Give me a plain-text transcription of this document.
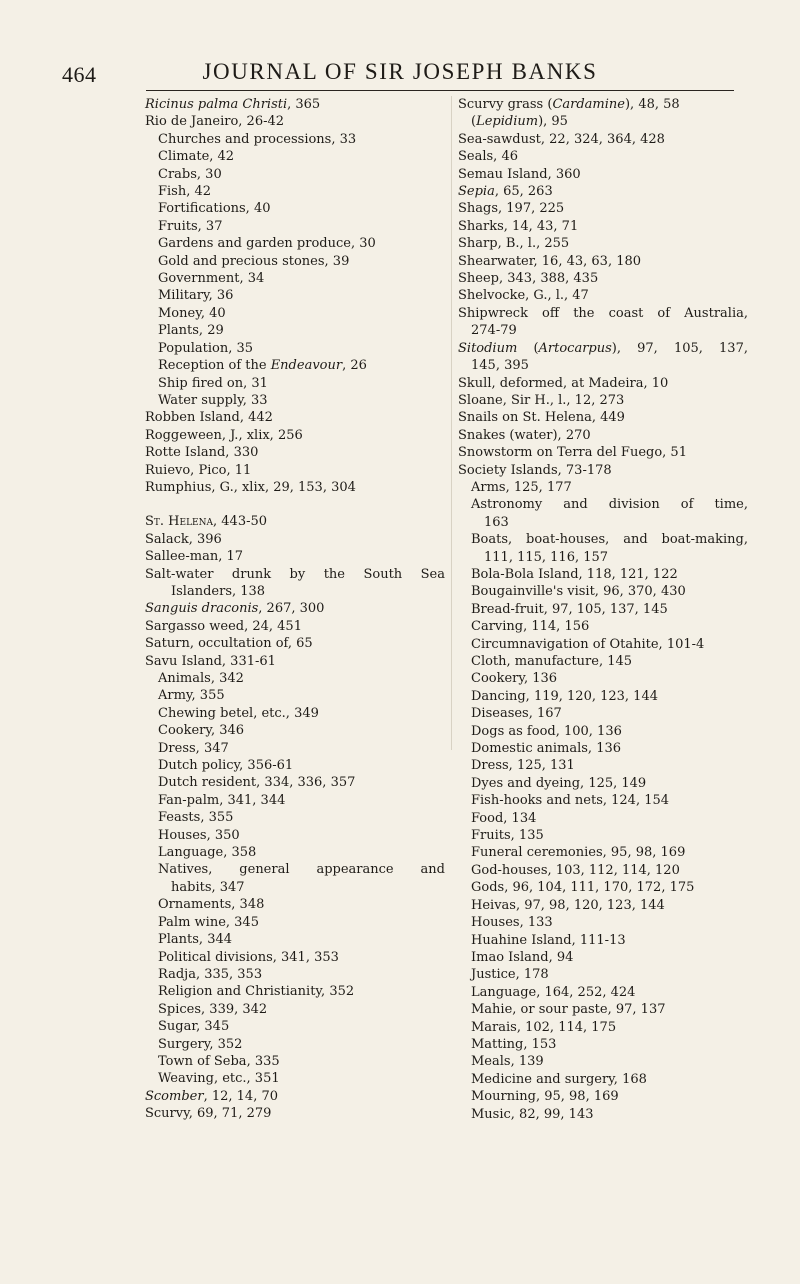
464	JOURNAL OF SIR JOSEPH BANKS
Ricinus palma Christi, 365
Rio de Janeiro, 26-42
Churches and processions, 33
Climate, 42
Crabs, 30
Fish, 42
Fortifications, 40
Fruits, 37
Gardens and garden produce, 30
Gold and precious stones, 39
Government, 34
Military, 36
Money, 40
Plants, 29
Population, 35
Reception of the Endeavour, 26
Ship fired on, 31
Water supply, 33
Robben Island, 442
Roggeween, J., xlix, 256
Rotte Island, 330
Ruievo, Pico, 11
Rumphius, G., xlix, 29, 153, 304
St. Helena, 443-50
Salack, 396
Sallee-man, 17
Salt-water drunk by the South Sea
Islanders, 138
Sanguis draconis, 267, 300
Sargasso weed, 24, 451
Saturn, occultation of, 65
Savu Island, 331-61
Animals, 342
Army, 355
Chewing betel, etc., 349
Cookery, 346
Dress, 347
Dutch policy, 356-61
Dutch resident, 334, 336, 357
Fan-palm, 341, 344
Feasts, 355
Houses, 350
Language, 358
Natives, general appearance and
habits, 347
Ornaments, 348
Palm wine, 345
Plants, 344
Political divisions, 341, 353
Radja, 335, 353
Religion and Christianity, 352
Spices, 339, 342
Sugar, 345
Surgery, 352
Town of Seba, 335
Weaving, etc., 351
Scomber, 12, 14, 70
Scurvy, 69, 71, 279
Scurvy grass (Cardamine), 48, 58
(Lepidium), 95
Sea-sawdust, 22, 324, 364, 428
Seals, 46
Semau Island, 360
Sepia, 65, 263
Shags, 197, 225
Sharks, 14, 43, 71
Sharp, B., l., 255
Shearwater, 16, 43, 63, 180
Sheep, 343, 388, 435
Shelvocke, G., l., 47
Shipwreck off the coast of Australia,
274-79
Sitodium (Artocarpus), 97, 105, 137,
145, 395
Skull, deformed, at Madeira, 10
Sloane, Sir H., l., 12, 273
Snails on St. Helena, 449
Snakes (water), 270
Snowstorm on Terra del Fuego, 51
Society Islands, 73-178
Arms, 125, 177
Astronomy and division of time,
163
Boats, boat-houses, and boat-making,
111, 115, 116, 157
Bola-Bola Island, 118, 121, 122
Bougainville's visit, 96, 370, 430
Bread-fruit, 97, 105, 137, 145
Carving, 114, 156
Circumnavigation of Otahite, 101-4
Cloth, manufacture, 145
Cookery, 136
Dancing, 119, 120, 123, 144
Diseases, 167
Dogs as food, 100, 136
Domestic animals, 136
Dress, 125, 131
Dyes and dyeing, 125, 149
Fish-hooks and nets, 124, 154
Food, 134
Fruits, 135
Funeral ceremonies, 95, 98, 169
God-houses, 103, 112, 114, 120
Gods, 96, 104, 111, 170, 172, 175
Heivas, 97, 98, 120, 123, 144
Houses, 133
Huahine Island, 111-13
Imao Island, 94
Justice, 178
Language, 164, 252, 424
Mahie, or sour paste, 97, 137
Marais, 102, 114, 175
Matting, 153
Meals, 139
Medicine and surgery, 168
Mourning, 95, 98, 169
Music, 82, 99, 143
